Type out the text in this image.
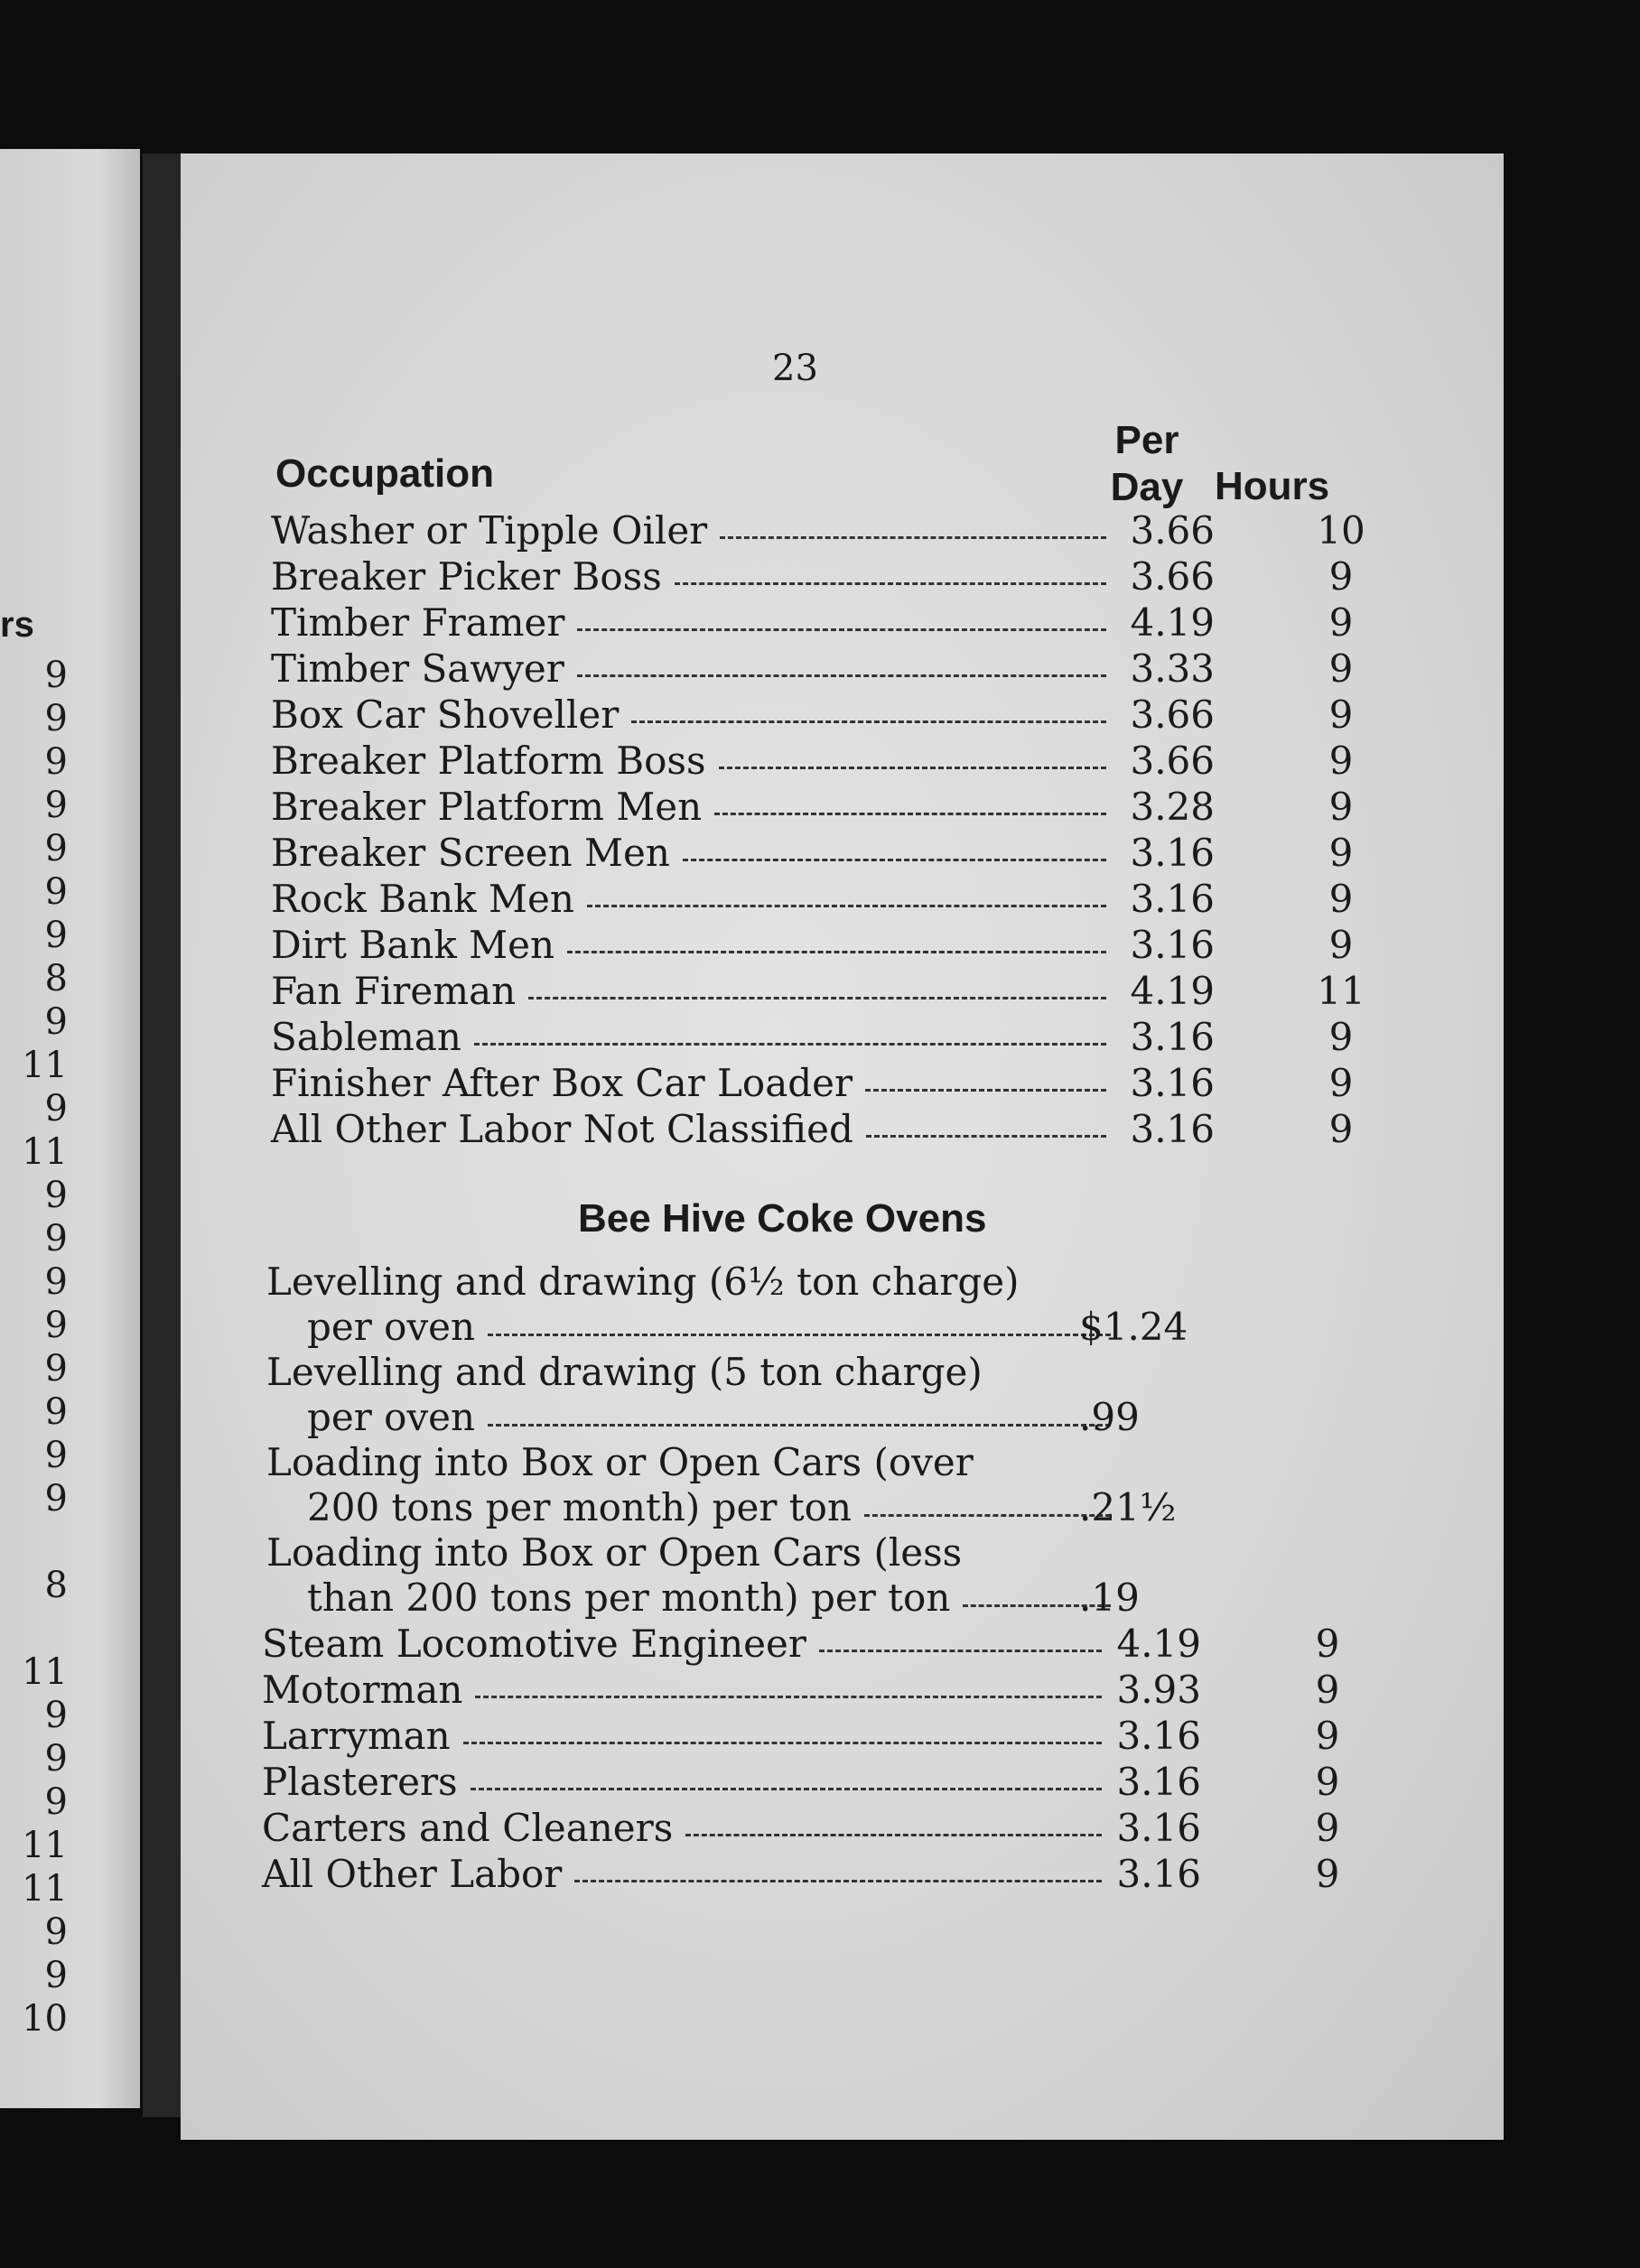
rs
9
9
9
9
9
9
9
8
9
11
9
11
9
9
9
9
9
9
9
9
8
11
9
9
9
11
11
9
9
10
23
Occupation
Per
Day Hours
Washer or Tipple Oiler	3.66	10
Breaker Picker Boss	3.66	9
Timber Framer	4.19	9
Timber Sawyer	3.33	9
Box Car Shoveller	3.66	9
Breaker Platform Boss	3.66	9
Breaker Platform Men	3.28	9
Breaker Screen Men	3.16	9
Rock Bank Men	3.16	9
Dirt Bank Men	3.16	9
Fan Fireman	4.19	11
Sableman	3.16	9
Finisher After Box Car Loader	3.16	9
All Other Labor Not Classified	3.16	9
Bee Hive Coke Ovens
Levelling and drawing (6½ ton charge)
per oven	$1.24
Levelling and drawing (5 ton charge)
per oven	.99
Loading into Box or Open Cars (over
200 tons per month) per ton	.21½
Loading into Box or Open Cars (less
than 200 tons per month) per ton	.19
Steam Locomotive Engineer	4.19	9
Motorman	3.93	9
Larryman	3.16	9
Plasterers	3.16	9
Carters and Cleaners	3.16	9
All Other Labor	3.16	9
